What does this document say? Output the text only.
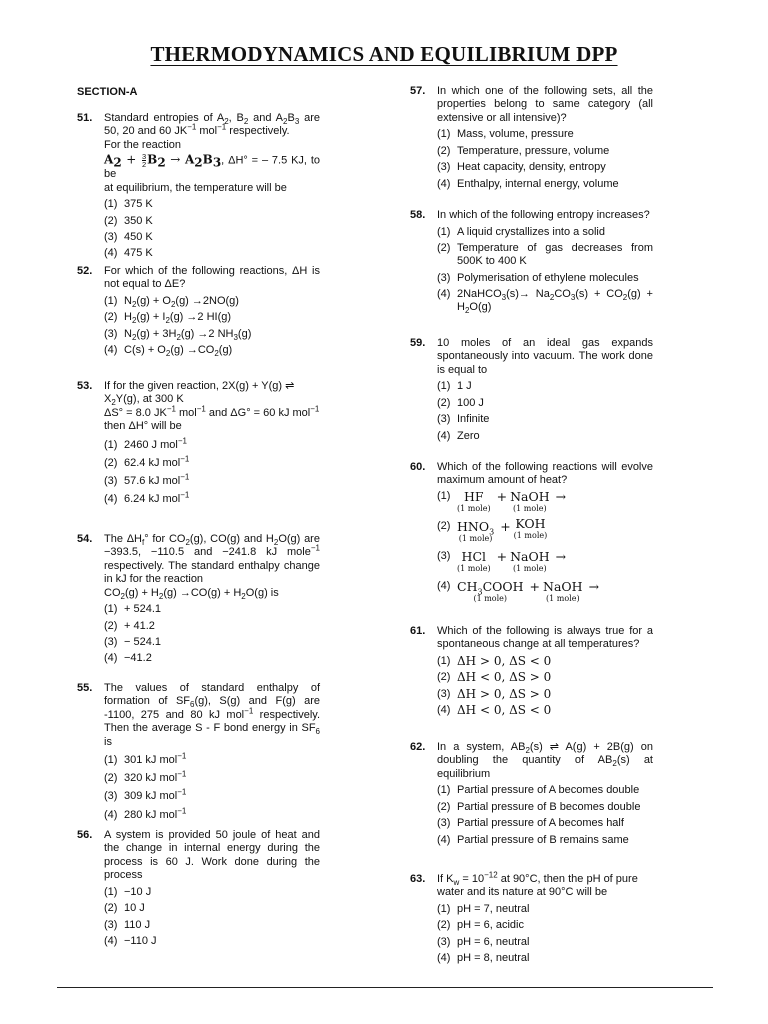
THERMODYNAMICS AND EQUILIBRIUM DPP
SECTION-A
51. Standard entropies of $A_2$, $B_2$ and $A_2B_3$ are 50, 20 and 60 $JK^{-1}$ mol$^{-1}$ respectively.
For the reaction
$A_2 + \frac{3}{2} B_2 \to A_2B_3$, ΔH° = – 7.5 KJ, to be
at equilibrium, the temperature will be
(1) 375 K
(2) 350 K
(3) 450 K
(4) 475 K
52. For which of the following reactions, ΔH is not equal to ΔE?
(1) $N_2(g) + O_2(g) \to 2NO(g)$
(2) $H_2(g) + I_2(g) \to 2$ HI(g)
(3) $N_2(g) + 3H_2(g) \to 2$ $NH_3(g)$
(4) $C(s) + O_2(g) \to CO_2(g)$
53. If for the given reaction, 2X(g) + Y(g) ⇌
$X_2Y(g)$, at 300 K
ΔS° = 8.0 $JK^{-1}$ mol$^{-1}$ and ΔG° = 60 kJ mol$^{-1}$
then ΔH° will be
(1) 2460 J mol$^{-1}$
(2) 62.4 kJ mol$^{-1}$
(3) 57.6 kJ mol$^{-1}$
(4) 6.24 kJ mol$^{-1}$
54. The $\Delta H_f^\circ$ for $CO_2(g)$, CO(g) and $H_2O(g)$ are −393.5, −110.5 and −241.8 kJ mole$^{-1}$ respectively. The standard enthalpy change in kJ for the reaction
$CO_2(g) + H_2(g) \to CO(g) + H_2O(g)$ is
(1) + 524.1
(2) + 41.2
(3) − 524.1
(4) −41.2
55. The values of standard enthalpy of formation of $SF_6(g)$, S(g) and F(g) are -1100, 275 and 80 kJ mol$^{-1}$ respectively. Then the average S - F bond energy in $SF_6$ is
(1) 301 kJ mol$^{-1}$
(2) 320 kJ mol$^{-1}$
(3) 309 kJ mol$^{-1}$
(4) 280 kJ mol$^{-1}$
56. A system is provided 50 joule of heat and the change in internal energy during the process is 60 J. Work done during the process
(1) −10 J
(2) 10 J
(3) 110 J
(4) −110 J
57. In which one of the following sets, all the properties belong to same category (all extensive or all intensive)?
(1) Mass, volume, pressure
(2) Temperature, pressure, volume
(3) Heat capacity, density, entropy
(4) Enthalpy, internal energy, volume
58. In which of the following entropy increases?
(1) A liquid crystallizes into a solid
(2) Temperature of gas decreases from 500K to 400 K
(3) Polymerisation of ethylene molecules
(4) 2NaHCO$_3$(s)→ $Na_2CO_3(s) + CO_2(g) + H_2O(g)$
59. 10 moles of an ideal gas expands spontaneously into vacuum. The work done is equal to
(1) 1 J
(2) 100 J
(3) Infinite
(4) Zero
60. Which of the following reactions will evolve maximum amount of heat?
(1)	HF
(1 mole)
+ NaOH
(1 mole)
→
(2) $HNO_3$
(1 mole)
+ KOH
(1 mole)
(3) HCl
(1 mole)
+ NaOH
(1 mole)
→
(4) $CH_3COOH$
(1 mole)
+ NaOH
(1 mole)
→
61. Which of the following is always true for a spontaneous change at all temperatures?
(1) ΔH > 0, ΔS < 0
(2) ΔH < 0, ΔS > 0
(3) ΔH > 0, ΔS > 0
(4) ΔH < 0, ΔS < 0
62. In a system, $AB_2(s)$ ⇌ A(g) + 2B(g) on doubling the quantity of $AB_2(s)$ at equilibrium
(1) Partial pressure of A becomes double
(2) Partial pressure of B becomes double
(3) Partial pressure of A becomes half
(4) Partial pressure of B remains same
63. If $K_w = 10^{-12}$ at 90°C, then the pH of pure
water and its nature at 90°C will be
(1) pH = 7, neutral
(2) pH = 6, acidic
(3) pH = 6, neutral
(4) pH = 8, neutral
